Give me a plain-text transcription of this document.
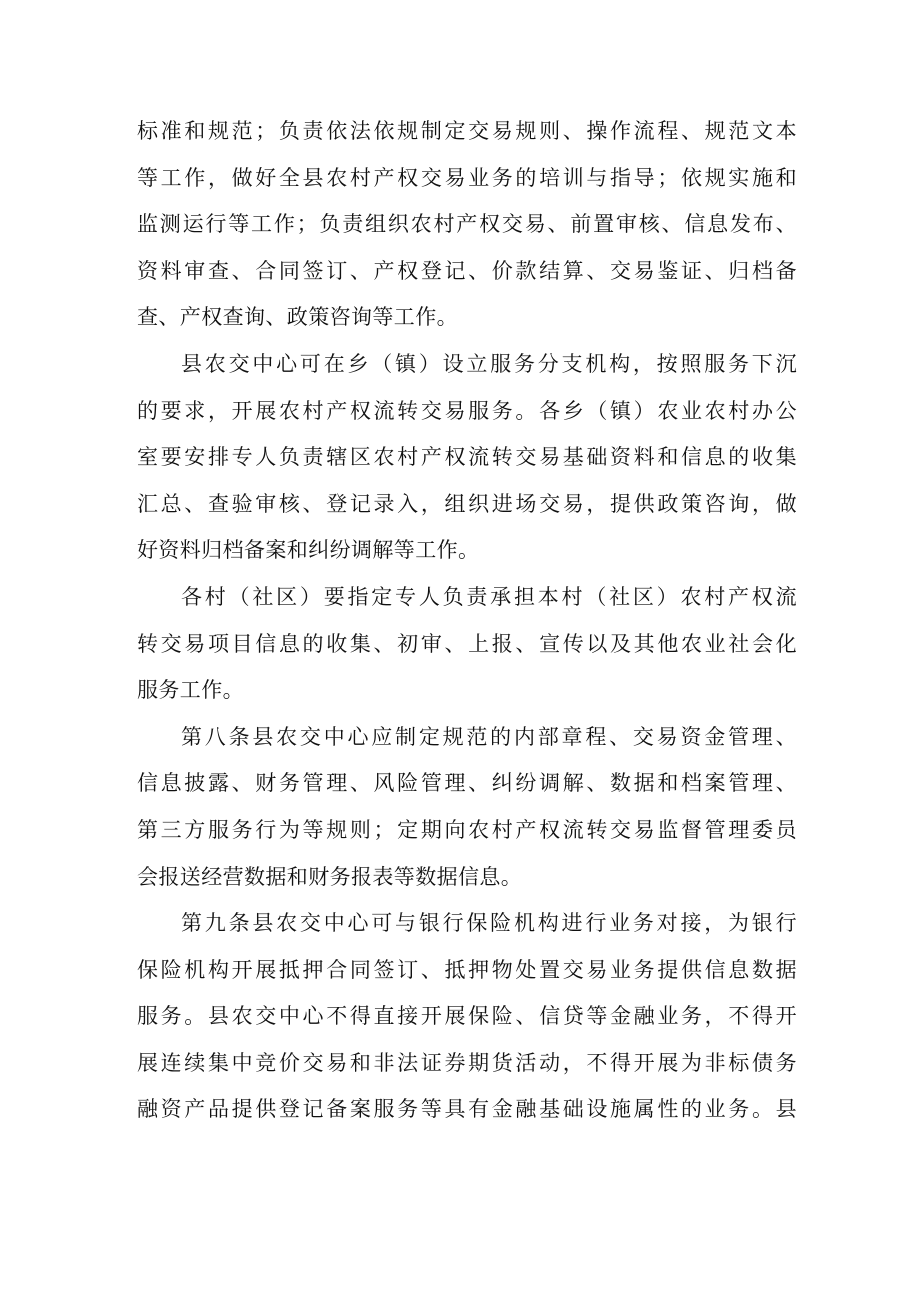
标准和规范；负责依法依规制定交易规则、操作流程、规范文本
等工作，做好全县农村产权交易业务的培训与指导；依规实施和
监测运行等工作；负责组织农村产权交易、前置审核、信息发布、
资料审查、合同签订、产权登记、价款结算、交易鉴证、归档备
查、产权查询、政策咨询等工作。
县农交中心可在乡（镇）设立服务分支机构，按照服务下沉
的要求，开展农村产权流转交易服务。各乡（镇）农业农村办公
室要安排专人负责辖区农村产权流转交易基础资料和信息的收集
汇总、查验审核、登记录入，组织进场交易，提供政策咨询，做
好资料归档备案和纠纷调解等工作。
各村（社区）要指定专人负责承担本村（社区）农村产权流
转交易项目信息的收集、初审、上报、宣传以及其他农业社会化
服务工作。
第八条县农交中心应制定规范的内部章程、交易资金管理、
信息披露、财务管理、风险管理、纠纷调解、数据和档案管理、
第三方服务行为等规则；定期向农村产权流转交易监督管理委员
会报送经营数据和财务报表等数据信息。
第九条县农交中心可与银行保险机构进行业务对接，为银行
保险机构开展抵押合同签订、抵押物处置交易业务提供信息数据
服务。县农交中心不得直接开展保险、信贷等金融业务，不得开
展连续集中竞价交易和非法证券期货活动，不得开展为非标债务
融资产品提供登记备案服务等具有金融基础设施属性的业务。县
